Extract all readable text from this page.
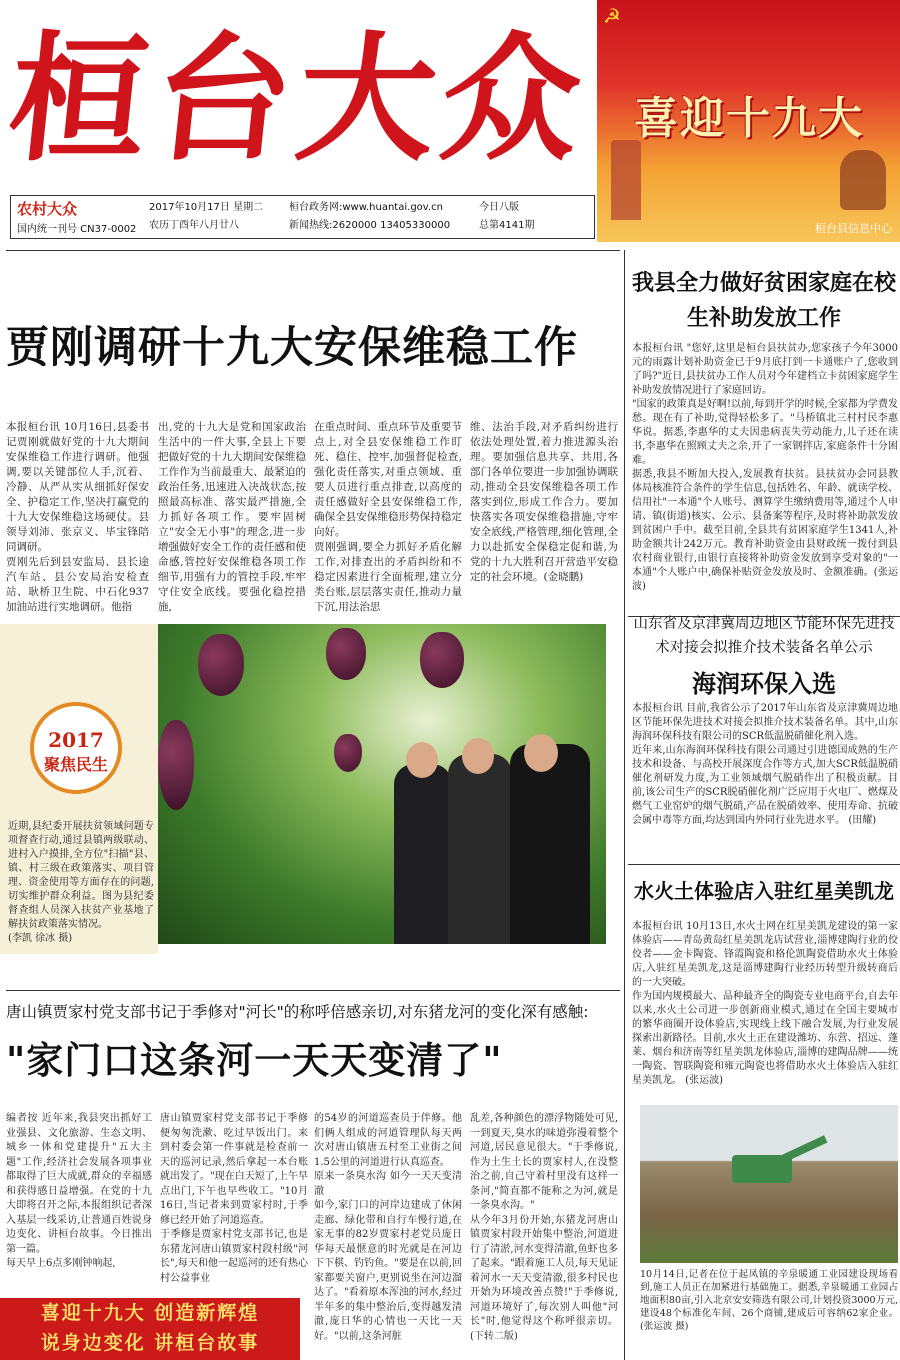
桓台大众
☭
喜迎十九大
桓台县信息中心
农村大众
国内统一刊号 CN37-0002
2017年10月17日 星期二
农历丁酉年八月廿八
桓台政务网:www.huantai.gov.cn
新闻热线:2620000 13405330000
今日八版
总第4141期
贾刚调研十九大安保维稳工作
本报桓台讯 10月16日,县委书记贾刚就做好党的十九大期间安保维稳工作进行调研。他强调,要以关键部位人手,沉着、冷静、从严从实从细抓好保安全、护稳定工作,坚决打赢党的十九大安保维稳这场硬仗。县领导刘沛、张京义、毕宝锋陪同调研。
贾刚先后到县安监局、县长途汽车站、县公安局治安检查站、耿桥卫生院、中石化937加油站进行实地调研。他指
出,党的十九大是党和国家政治生活中的一件大事,全县上下要把做好党的十九大期间安保维稳工作作为当前最重大、最紧迫的政治任务,迅速进入决战状态,按照最高标准、落实最严措施,全力抓好各项工作。要牢固树立"安全无小事"的理念,进一步增强做好安全工作的责任感和使命感,管控好安保维稳各项工作细节,用强有力的管控手段,牢牢守住安全底线。要强化稳控措施,
在重点时间、重点环节及重要节点上,对全县安保维稳工作盯死、稳住、控牢,加强督促检查,强化责任落实,对重点领域、重要人员进行重点排查,以高度的责任感做好全县安保维稳工作,确保全县安保维稳形势保持稳定向好。
贾刚强调,要全力抓好矛盾化解工作,对排查出的矛盾纠纷和不稳定因素进行全面梳理,建立分类台账,层层落实责任,推动力量下沉,用法治思
维、法治手段,对矛盾纠纷进行依法处理处置,着力推进源头治理。要加强信息共享、共用,各部门各单位要进一步加强协调联动,推动全县安保维稳各项工作落实到位,形成工作合力。要加快落实各项安保维稳措施,守牢安全底线,严格管理,细化管理,全力以赴抓安全保稳定促和谐,为党的十九大胜利召开营造平安稳定的社会环境。(金晓鹏)
2017
聚焦民生
近期,县纪委开展扶贫领域问题专项督查行动,通过县镇两级联动、进村入户摸排,全方位"扫描"县、镇、村三级在政策落实、项目管理、资金使用等方面存在的问题,切实维护群众利益。图为县纪委督查组人员深入扶贫产业基地了解扶贫政策落实情况。
(李凯 徐冰 摄)
唐山镇贾家村党支部书记于季修对"河长"的称呼倍感亲切,对东猪龙河的变化深有感触:
"家门口这条河一天天变清了"
编者按 近年来,我县突出抓好工业强县、文化旅游、生态文明、城乡一体和党建提升"五大主题"工作,经济社会发展各项事业都取得了巨大成就,群众的幸福感和获得感日益增强。在党的十九大即将召开之际,本报组织记者深入基层一线采访,让普通百姓说身边变化、讲桓台故事。今日推出第一篇。
每天早上6点多刚钟响起,
唐山镇贾家村党支部书记于季修便匆匆洗漱、吃过早饭出门。来到村委会第一件事就是检查前一天的巡河记录,然后拿起一本台账就出发了。"现在白天短了,上午早点出门,下午也早些收工。"10月16日,当记者来到贾家村时,于季修已经开始了河道巡查。
于季修是贾家村党支部书记,也是东猪龙河唐山镇贾家村段村级"河长",每天和他一起巡河的还有热心村公益事业
的54岁的河道巡查员于伴修。他们俩人组成的河道管理队每天两次对唐山镇唐五村至工业街之间1.5公里的河道进行认真巡查。
原来一条臭水沟 如今一天天变清澈
如今,家门口的河岸边建成了休闲走廊、绿化带和自行车慢行道,在家无事的82岁贾家村老党员庞日华每天最惬意的时光就是在河边下下棋、钓钓鱼。"要是在以前,回家都要关窗户,更别说坐在河边溜达了。"看着原本浑浊的河水,经过半年多的集中整治后,变得越发清澈,庞日华的心情也一天比一天好。"以前,这条河脏
乱差,各种颜色的漂浮物随处可见,一到夏天,臭水的味道弥漫着整个河道,居民意见很大。"于季修说,作为土生土长的贾家村人,在没整治之前,自己守着村里没有这样一条河,"简直都不能称之为河,就是一条臭水沟。"
从今年3月份开始,东猪龙河唐山镇贾家村段开始集中整治,河道进行了清淤,河水变得清澈,鱼虾也多了起来。"跟着施工人员,每天见证着河水一天天变清澈,很多村民也开始为环境改善点赞!"于季修说,河道环境好了,每次别人叫他"河长"时,他觉得这个称呼很亲切。 (下转二版)
喜迎十九大 创造新辉煌
说身边变化 讲桓台故事
我县全力做好贫困家庭在校生补助发放工作
本报桓台讯 "您好,这里是桓台县扶贫办,您家孩子今年3000元的雨露计划补助资金已于9月底打到一卡通账户了,您收到了吗?"近日,县扶贫办工作人员对今年建档立卡贫困家庭学生补助发放情况进行了家庭回访。
"国家的政策真是好啊!以前,每到开学的时候,全家都为学费发愁。现在有了补助,觉得轻松多了。"马桥镇北三村村民李惠华说。据悉,李惠华的丈夫因患病丧失劳动能力,儿子还在读书,李惠华在照顾丈夫之余,开了一家钢拌店,家庭条件十分困难。
据悉,我县不断加大投入,发展教育扶贫。县扶贫办会同县教体局核准符合条件的学生信息,包括姓名、年龄、就读学校、信用社"一本通"个人账号、测算学生缴纳费用等,通过个人申请、镇(街道)核实、公示、县备案等程序,及时将补助款发放到贫困户手中。截至目前,全县共有贫困家庭学生1341人,补助金额共计242万元。教育补助资金由县财政统一拨付到县农村商业银行,由银行直接将补助资金发放到享受对象的"一本通"个人账户中,确保补贴资金发放及时、金额准确。(张运波)
山东省及京津冀周边地区节能环保先进技术对接会拟推介技术装备名单公示
海润环保入选
本报桓台讯 目前,我省公示了2017年山东省及京津冀周边地区节能环保先进技术对接会拟推介技术装备名单。其中,山东海润环保科技有限公司的SCR低温脱硝催化剂入选。
近年来,山东海润环保科技有限公司通过引进德国成熟的生产技术和设备、与高校开展深度合作等方式,加大SCR低温脱硝催化剂研发力度,为工业领域烟气脱硝作出了积极贡献。目前,该公司生产的SCR脱硝催化剂广泛应用于火电厂、燃煤及燃气工业窑炉的烟气脱硝,产品在脱硝效率、使用寿命、抗破会属中毒等方面,均达到国内外同行业先进水平。 (田耀)
水火土体验店入驻红星美凯龙
本报桓台讯 10月13日,水火土网在红星美凯龙建设的第一家体验店——青岛黄岛红星美凯龙店试营业,淄博建陶行业的佼佼者——金卡陶瓷、锋霞陶瓷和格伦凯陶瓷借助水火土体验店,入驻红星美凯龙,这是淄博建陶行业经历转型升级转商后的一大突破。
作为国内规模最大、品种最齐全的陶瓷专业电商平台,自去年以来,水火土公司进一步创新商业模式,通过在全国主要城市的繁华商圈开设体验店,实现线上线下融合发展,为行业发展探索出新路径。目前,水火土正在建设潍坊、东营、招远、蓬莱、烟台和济南等红星美凯龙体验店,淄博的建陶品牌——统一陶瓷、智联陶瓷和雍元陶瓷也将借助水火土体验店入驻红星美凯龙。 (张运波)
10月14日,记者在位于起凤镇的辛泉暖通工业园建设现场看到,施工人员正在加紧进行基础施工。据悉,辛泉暖通工业园占地面积80亩,引入北京安安筛选有限公司,计划投资3000万元,建设48个标准化车间、26个商铺,建成后可容纳62家企业。 (张运波 摄)
